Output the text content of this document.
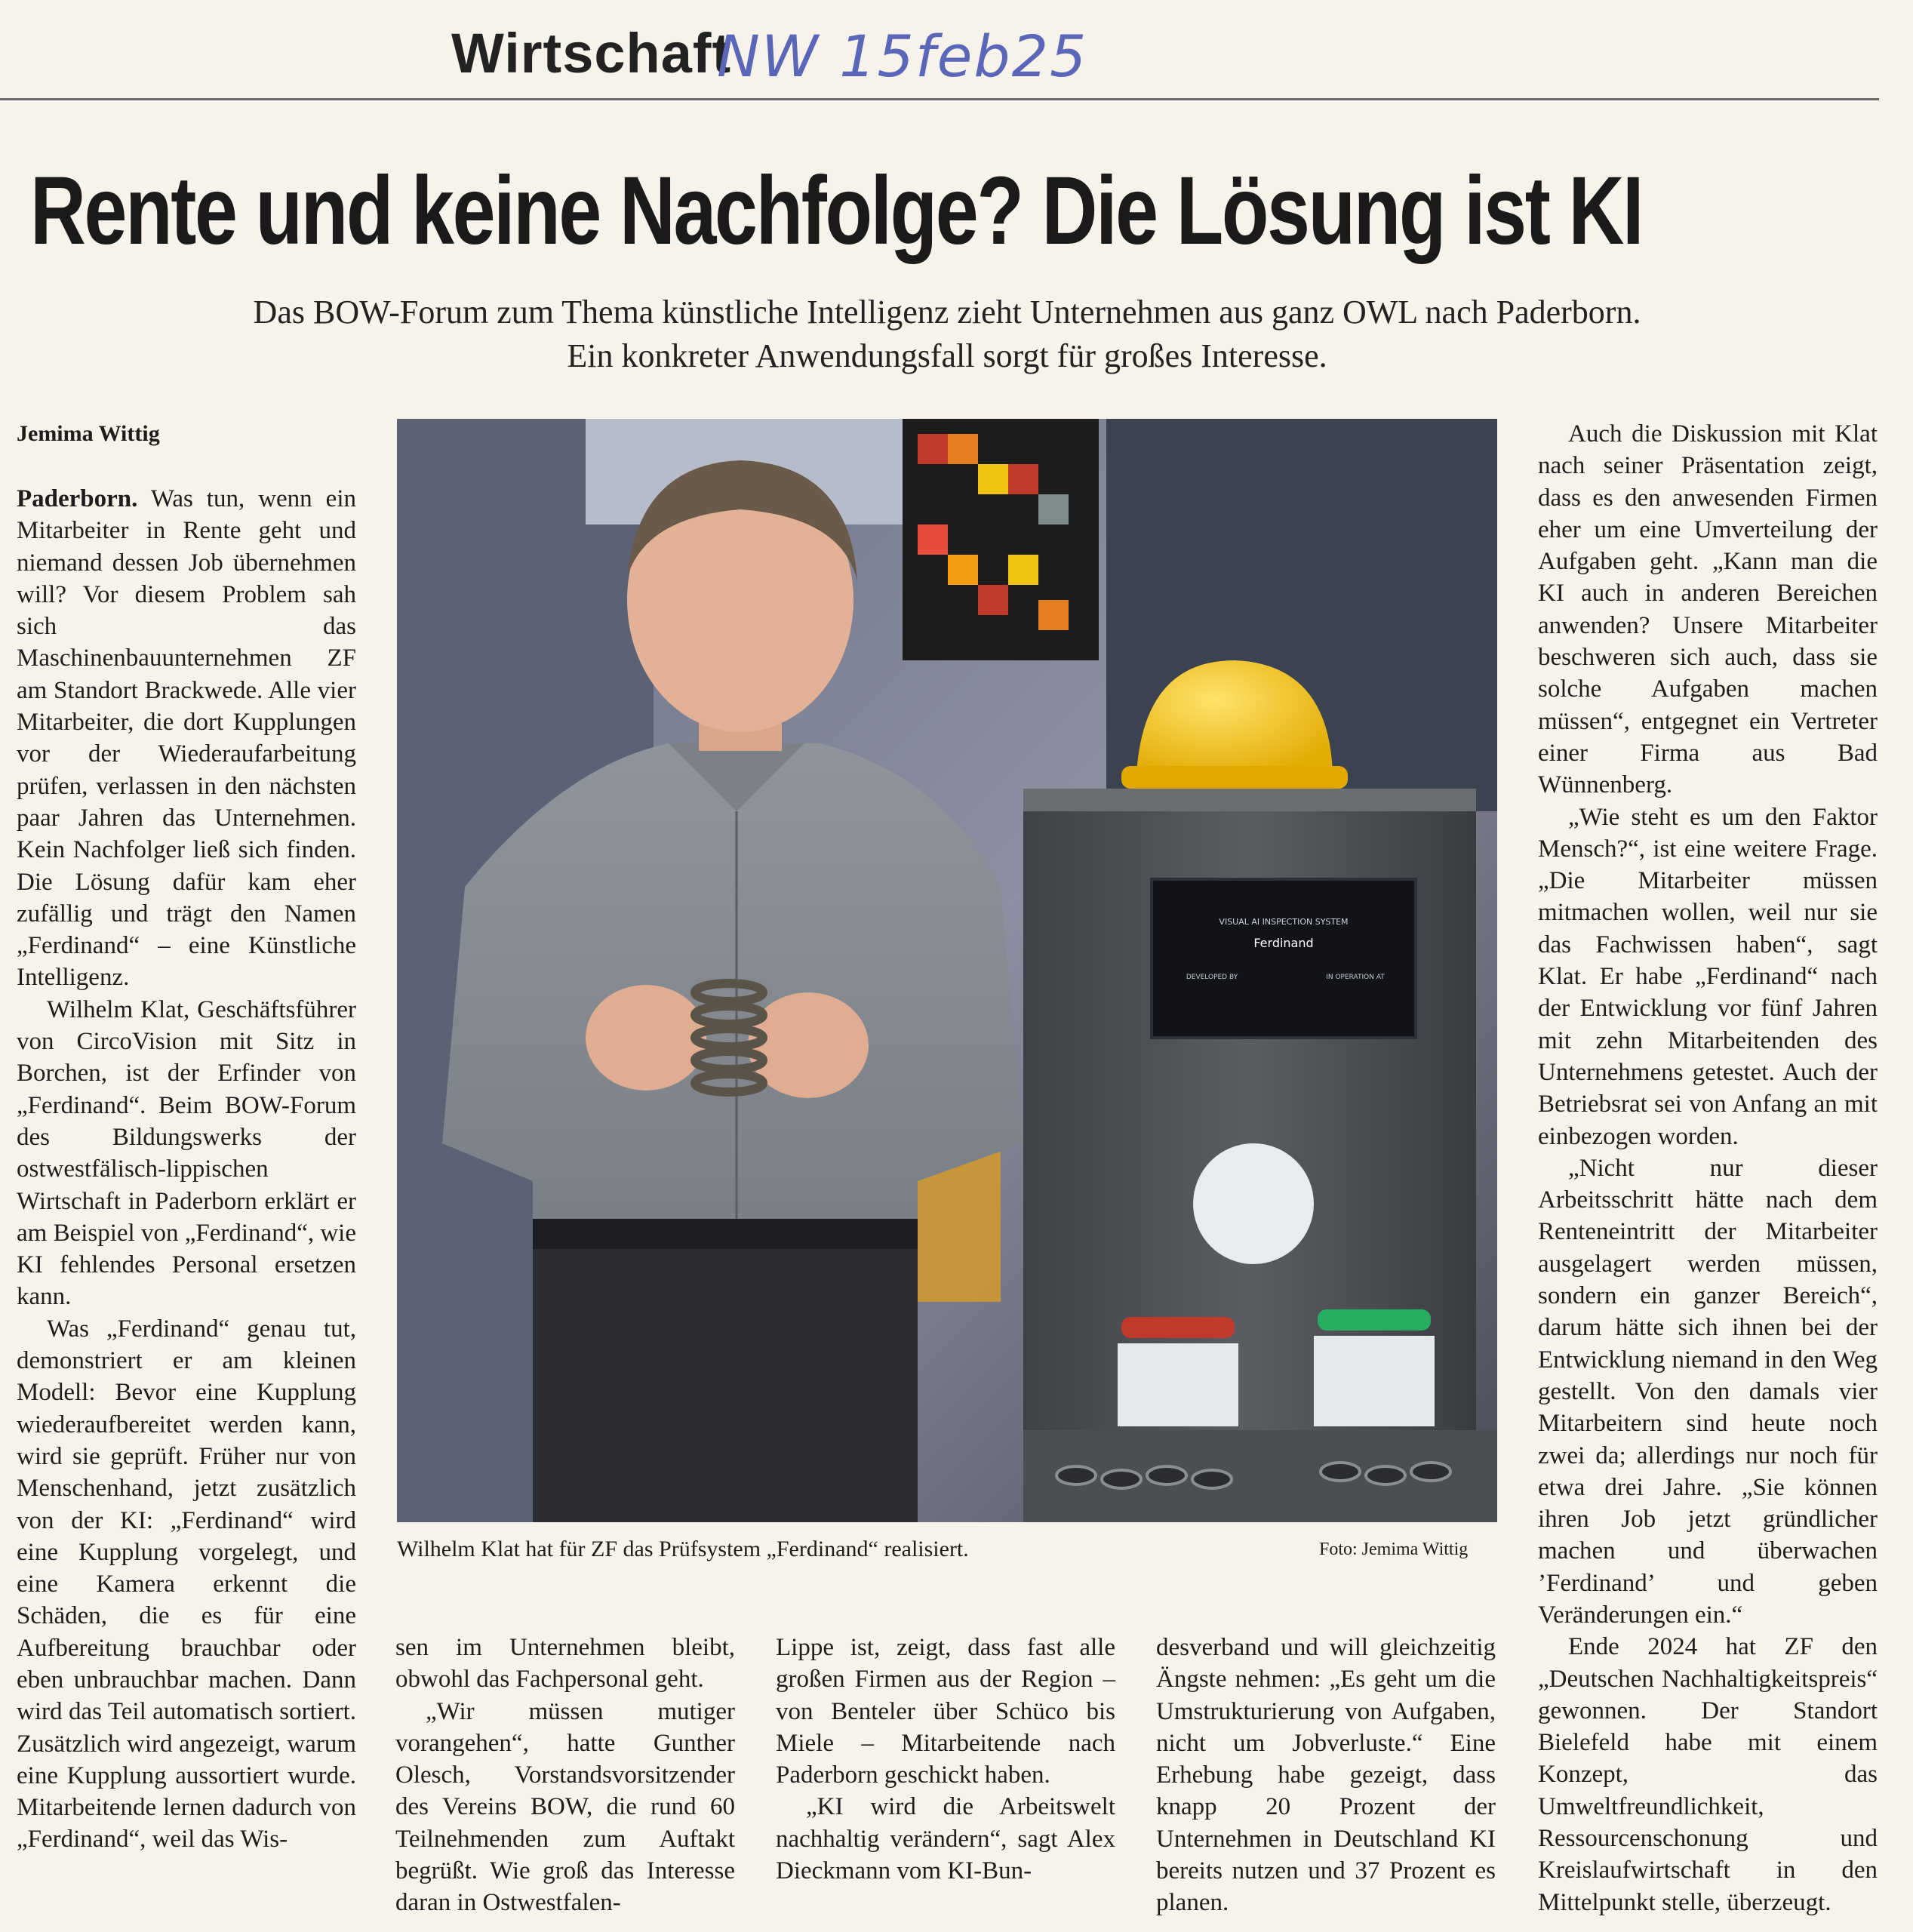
Wirtschaft
NW 15feb25
Rente und keine Nachfolge? Die Lösung ist KI
Das BOW-Forum zum Thema künstliche Intelligenz zieht Unternehmen aus ganz OWL nach Paderborn.
Ein konkreter Anwendungsfall sorgt für großes Interesse.
Jemima Wittig

Paderborn. Was tun, wenn ein Mitarbeiter in Rente geht und niemand dessen Job übernehmen will? Vor diesem Problem sah sich das Maschinenbauunternehmen ZF am Standort Brackwede. Alle vier Mitarbeiter, die dort Kupplungen vor der Wiederaufarbeitung prüfen, verlassen in den nächsten paar Jahren das Unternehmen. Kein Nachfolger ließ sich finden. Die Lösung dafür kam eher zufällig und trägt den Namen „Ferdinand“ – eine Künstliche Intelligenz.

Wilhelm Klat, Geschäftsführer von CircoVision mit Sitz in Borchen, ist der Erfinder von „Ferdinand“. Beim BOW-Forum des Bildungswerks der ostwestfälisch-lippischen Wirtschaft in Paderborn erklärt er am Beispiel von „Ferdinand“, wie KI fehlendes Personal ersetzen kann.

Was „Ferdinand“ genau tut, demonstriert er am kleinen Modell: Bevor eine Kupplung wiederaufbereitet werden kann, wird sie geprüft. Früher nur von Menschenhand, jetzt zusätzlich von der KI: „Ferdinand“ wird eine Kupplung vorgelegt, und eine Kamera erkennt die Schäden, die es für eine Aufbereitung brauchbar oder eben unbrauchbar machen. Dann wird das Teil automatisch sortiert. Zusätzlich wird angezeigt, warum eine Kupplung aussortiert wurde. Mitarbeitende lernen dadurch von „Ferdinand“, weil das Wis-

VISUAL AI INSPECTION SYSTEM
Ferdinand
DEVELOPED BY	IN OPERATION AT
Wilhelm Klat hat für ZF das Prüfsystem „Ferdinand“ realisiert.	Foto: Jemima Wittig

sen im Unternehmen bleibt, obwohl das Fachpersonal geht.

„Wir müssen mutiger vorangehen“, hatte Gunther Olesch, Vorstandsvorsitzender des Vereins BOW, die rund 60 Teilnehmenden zum Auftakt begrüßt. Wie groß das Interesse daran in Ostwestfalen-

Lippe ist, zeigt, dass fast alle großen Firmen aus der Region – von Benteler über Schüco bis Miele – Mitarbeitende nach Paderborn geschickt haben.

„KI wird die Arbeitswelt nachhaltig verändern“, sagt Alex Dieckmann vom KI-Bun-

desverband und will gleichzeitig Ängste nehmen: „Es geht um die Umstrukturierung von Aufgaben, nicht um Jobverluste.“ Eine Erhebung habe gezeigt, dass knapp 20 Prozent der Unternehmen in Deutschland KI bereits nutzen und 37 Prozent es planen.

Auch die Diskussion mit Klat nach seiner Präsentation zeigt, dass es den anwesenden Firmen eher um eine Umverteilung der Aufgaben geht. „Kann man die KI auch in anderen Bereichen anwenden? Unsere Mitarbeiter beschweren sich auch, dass sie solche Aufgaben machen müssen“, entgegnet ein Vertreter einer Firma aus Bad Wünnenberg.

„Wie steht es um den Faktor Mensch?“, ist eine weitere Frage. „Die Mitarbeiter müssen mitmachen wollen, weil nur sie das Fachwissen haben“, sagt Klat. Er habe „Ferdinand“ nach der Entwicklung vor fünf Jahren mit zehn Mitarbeitenden des Unternehmens getestet. Auch der Betriebsrat sei von Anfang an mit einbezogen worden.

„Nicht nur dieser Arbeitsschritt hätte nach dem Renteneintritt der Mitarbeiter ausgelagert werden müssen, sondern ein ganzer Bereich“, darum hätte sich ihnen bei der Entwicklung niemand in den Weg gestellt. Von den damals vier Mitarbeitern sind heute noch zwei da; allerdings nur noch für etwa drei Jahre. „Sie können ihren Job jetzt gründlicher machen und überwachen ’Ferdinand’ und geben Veränderungen ein.“

Ende 2024 hat ZF den „Deutschen Nachhaltigkeitspreis“ gewonnen. Der Standort Bielefeld habe mit einem Konzept, das Umweltfreundlichkeit, Ressourcenschonung und Kreislaufwirtschaft in den Mittelpunkt stelle, überzeugt.
